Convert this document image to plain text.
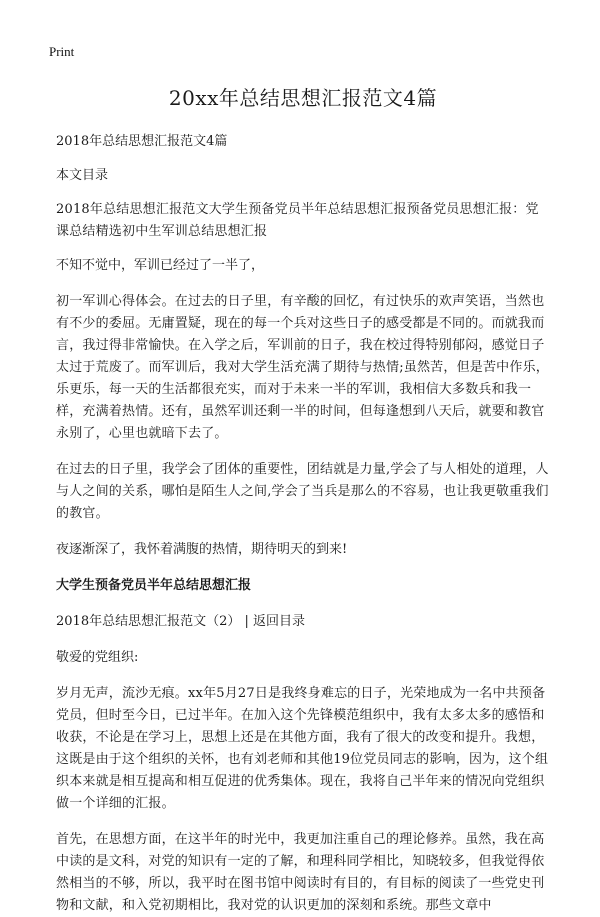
Print
20xx年总结思想汇报范文4篇

2018年总结思想汇报范文4篇

本文目录

2018年总结思想汇报范文大学生预备党员半年总结思想汇报预备党员思想汇报：党课总结精选初中生军训总结思想汇报

不知不觉中，军训已经过了一半了，

初一军训心得体会。在过去的日子里，有辛酸的回忆，有过快乐的欢声笑语，当然也有不少的委屈。无庸置疑，现在的每一个兵对这些日子的感受都是不同的。而就我而言，我过得非常愉快。在入学之后，军训前的日子，我在校过得特别郁闷，感觉日子太过于荒废了。而军训后，我对大学生活充满了期待与热情;虽然苦，但是苦中作乐，乐更乐，每一天的生活都很充实，而对于未来一半的军训，我相信大多数兵和我一样，充满着热情。还有，虽然军训还剩一半的时间，但每逢想到八天后，就要和教官永别了，心里也就暗下去了。

在过去的日子里，我学会了团体的重要性，团结就是力量,学会了与人相处的道理，人与人之间的关系，哪怕是陌生人之间,学会了当兵是那么的不容易，也让我更敬重我们的教官。

夜逐渐深了，我怀着满腹的热情，期待明天的到来!

大学生预备党员半年总结思想汇报

2018年总结思想汇报范文（2） | 返回目录

敬爱的党组织:

岁月无声，流沙无痕。xx年5月27日是我终身难忘的日子，光荣地成为一名中共预备党员，但时至今日，已过半年。在加入这个先锋模范组织中，我有太多太多的感悟和收获，不论是在学习上，思想上还是在其他方面，我有了很大的改变和提升。我想，这既是由于这个组织的关怀，也有刘老师和其他19位党员同志的影响，因为，这个组织本来就是相互提高和相互促进的优秀集体。现在，我将自己半年来的情况向党组织做一个详细的汇报。

首先，在思想方面，在这半年的时光中，我更加注重自己的理论修养。虽然，我在高中读的是文科，对党的知识有一定的了解，和理科同学相比，知晓较多，但我觉得依然相当的不够，所以，我平时在图书馆中阅读时有目的，有目标的阅读了一些党史刊物和文献，和入党初期相比，我对党的认识更加的深刻和系统。那些文章中
